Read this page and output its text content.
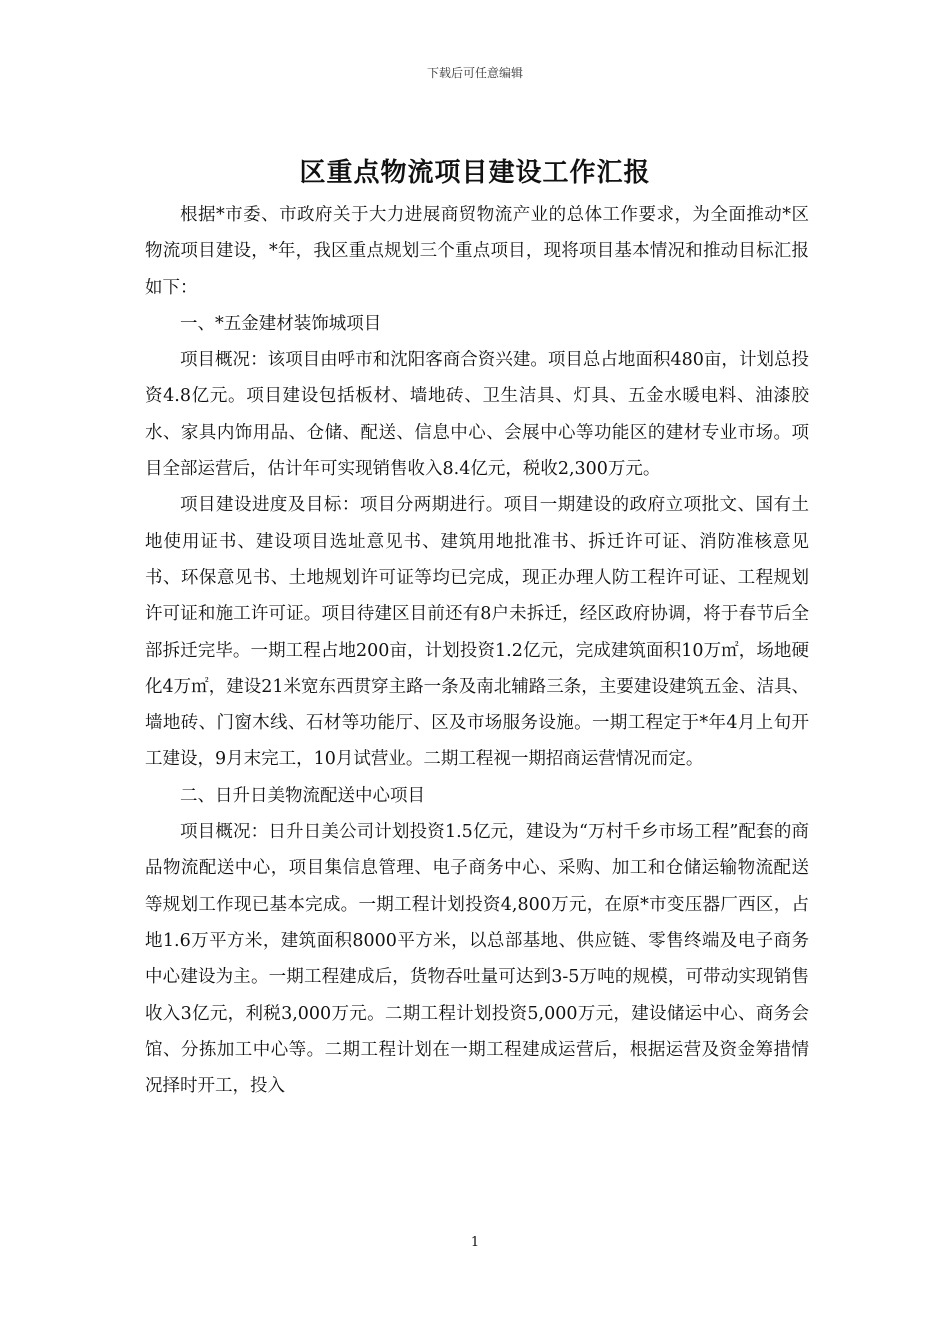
下载后可任意编辑
区重点物流项目建设工作汇报

根据*市委、市政府关于大力进展商贸物流产业的总体工作要求，为全面推动*区物流项目建设，*年，我区重点规划三个重点项目，现将项目基本情况和推动目标汇报如下：

一、*五金建材装饰城项目

项目概况：该项目由呼市和沈阳客商合资兴建。项目总占地面积480亩，计划总投资4.8亿元。项目建设包括板材、墙地砖、卫生洁具、灯具、五金水暖电料、油漆胶水、家具内饰用品、仓储、配送、信息中心、会展中心等功能区的建材专业市场。项目全部运营后，估计年可实现销售收入8.4亿元，税收2,300万元。

项目建设进度及目标：项目分两期进行。项目一期建设的政府立项批文、国有土地使用证书、建设项目选址意见书、建筑用地批准书、拆迁许可证、消防准核意见书、环保意见书、土地规划许可证等均已完成，现正办理人防工程许可证、工程规划许可证和施工许可证。项目待建区目前还有8户未拆迁，经区政府协调，将于春节后全部拆迁完毕。一期工程占地200亩，计划投资1.2亿元，完成建筑面积10万㎡，场地硬化4万㎡，建设21米宽东西贯穿主路一条及南北辅路三条，主要建设建筑五金、洁具、墙地砖、门窗木线、石材等功能厅、区及市场服务设施。一期工程定于*年4月上旬开工建设，9月末完工，10月试营业。二期工程视一期招商运营情况而定。

二、日升日美物流配送中心项目

项目概况：日升日美公司计划投资1.5亿元，建设为“万村千乡市场工程”配套的商品物流配送中心，项目集信息管理、电子商务中心、采购、加工和仓储运输物流配送等规划工作现已基本完成。一期工程计划投资4,800万元，在原*市变压器厂西区，占地1.6万平方米，建筑面积8000平方米，以总部基地、供应链、零售终端及电子商务中心建设为主。一期工程建成后，货物吞吐量可达到3-5万吨的规模，可带动实现销售收入3亿元，利税3,000万元。二期工程计划投资5,000万元，建设储运中心、商务会馆、分拣加工中心等。二期工程计划在一期工程建成运营后，根据运营及资金筹措情况择时开工，投入

1
